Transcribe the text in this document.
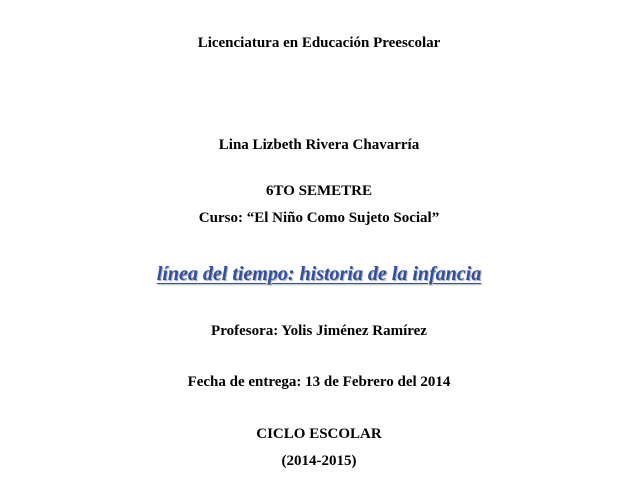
Licenciatura en Educación Preescolar
Lina Lizbeth Rivera Chavarría
6TO SEMETRE
Curso: “El Niño Como Sujeto Social”
línea del tiempo: historia de la infancia
Profesora: Yolis Jiménez Ramírez
Fecha de entrega: 13 de Febrero del 2014
CICLO ESCOLAR
(2014-2015)
